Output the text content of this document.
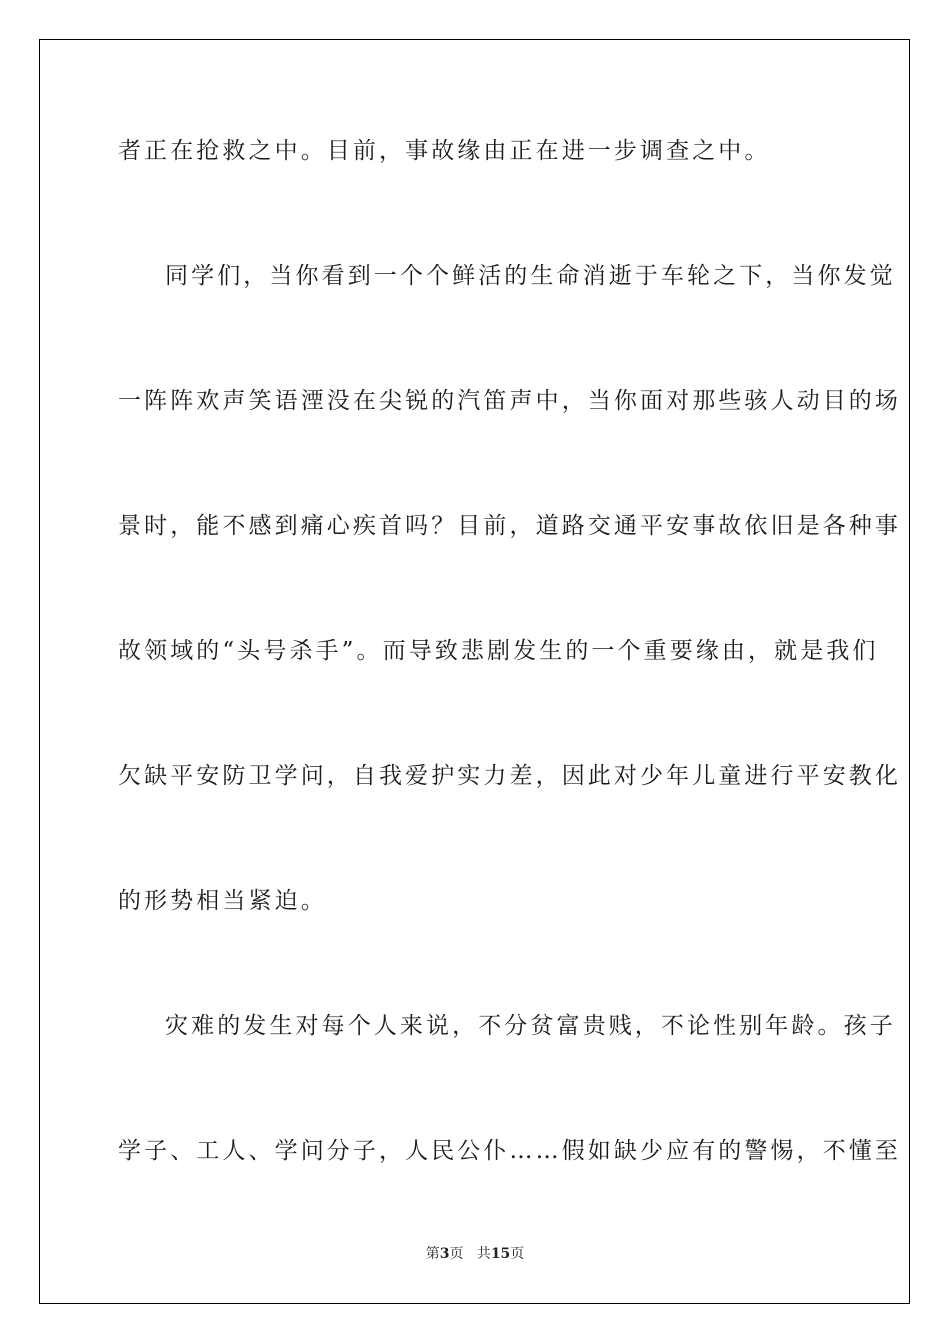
者正在抢救之中。目前，事故缘由正在进一步调查之中。
同学们，当你看到一个个鲜活的生命消逝于车轮之下，当你发觉
一阵阵欢声笑语湮没在尖锐的汽笛声中，当你面对那些骇人动目的场
景时，能不感到痛心疾首吗？目前，道路交通平安事故依旧是各种事
故领域的“头号杀手”。而导致悲剧发生的一个重要缘由，就是我们
欠缺平安防卫学问，自我爱护实力差，因此对少年儿童进行平安教化
的形势相当紧迫。
灾难的发生对每个人来说，不分贫富贵贱，不论性别年龄。孩子
学子、工人、学问分子，人民公仆……假如缺少应有的警惕，不懂至
第3页   共15页
